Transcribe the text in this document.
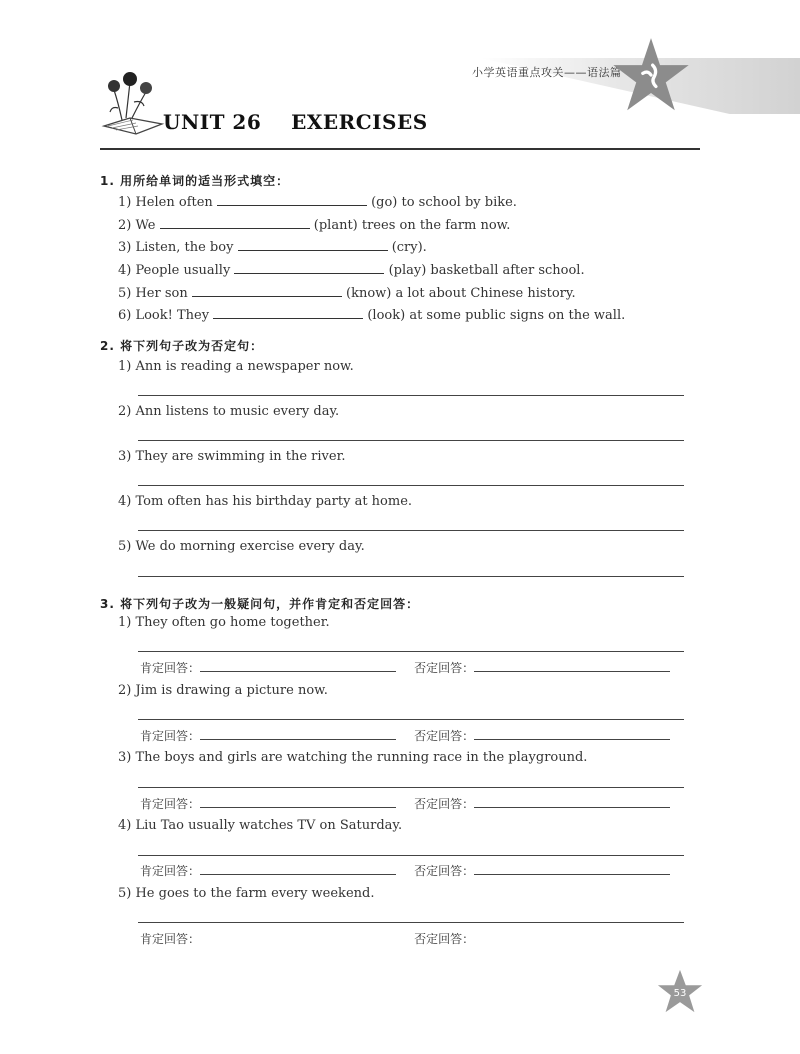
小学英语重点攻关——语法篇
UNIT 26    EXERCISES
1. 用所给单词的适当形式填空：
1) Helen often	(go) to school by bike.
2) We	(plant) trees on the farm now.
3) Listen, the boy	(cry).
4) People usually	(play) basketball after school.
5) Her son	(know) a lot about Chinese history.
6) Look! They	(look) at some public signs on the wall.
2. 将下列句子改为否定句：
1) Ann is reading a newspaper now.
2) Ann listens to music every day.
3) They are swimming in the river.
4) Tom often has his birthday party at home.
5) We do morning exercise every day.
3. 将下列句子改为一般疑问句，并作肯定和否定回答：
1) They often go home together.
肯定回答：	否定回答：
2) Jim is drawing a picture now.
肯定回答：	否定回答：
3) The boys and girls are watching the running race in the playground.
肯定回答：	否定回答：
4) Liu Tao usually watches TV on Saturday.
肯定回答：	否定回答：
5) He goes to the farm every weekend.
肯定回答：	否定回答：
53
